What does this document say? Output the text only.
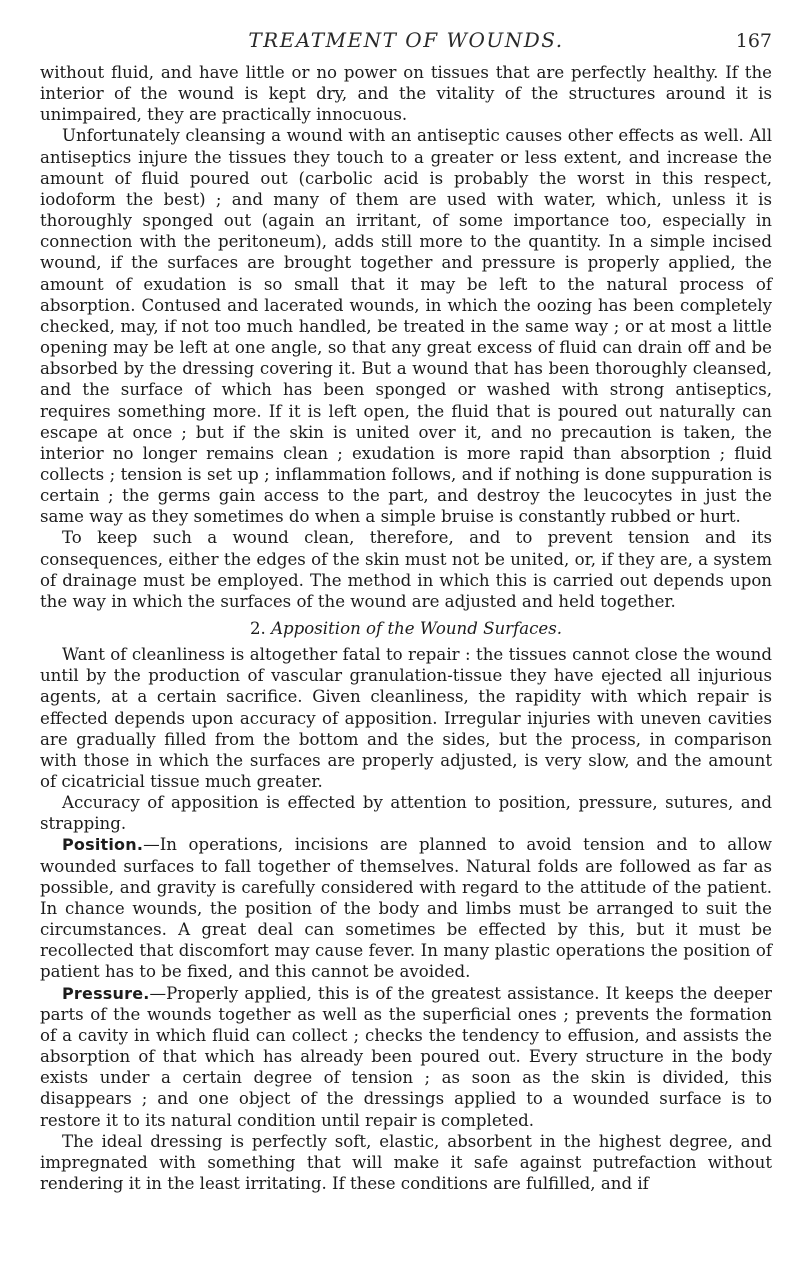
TREATMENT OF WOUNDS.	167

without fluid, and have little or no power on tissues that are perfectly healthy. If the interior of the wound is kept dry, and the vitality of the structures around it is unimpaired, they are practically innocuous.

Unfortunately cleansing a wound with an antiseptic causes other effects as well. All antiseptics injure the tissues they touch to a greater or less extent, and increase the amount of fluid poured out (carbolic acid is probably the worst in this respect, iodoform the best) ; and many of them are used with water, which, unless it is thoroughly sponged out (again an irritant, of some importance too, especially in connection with the peritoneum), adds still more to the quantity. In a simple incised wound, if the surfaces are brought together and pressure is properly applied, the amount of exudation is so small that it may be left to the natural process of absorption. Contused and lacerated wounds, in which the oozing has been completely checked, may, if not too much handled, be treated in the same way ; or at most a little opening may be left at one angle, so that any great excess of fluid can drain off and be absorbed by the dressing covering it. But a wound that has been thoroughly cleansed, and the surface of which has been sponged or washed with strong antiseptics, requires something more. If it is left open, the fluid that is poured out naturally can escape at once ; but if the skin is united over it, and no precaution is taken, the interior no longer remains clean ; exudation is more rapid than absorption ; fluid collects ; tension is set up ; inflammation follows, and if nothing is done suppuration is certain ; the germs gain access to the part, and destroy the leucocytes in just the same way as they sometimes do when a simple bruise is constantly rubbed or hurt.

To keep such a wound clean, therefore, and to prevent tension and its consequences, either the edges of the skin must not be united, or, if they are, a system of drainage must be employed. The method in which this is carried out depends upon the way in which the surfaces of the wound are adjusted and held together.

2. Apposition of the Wound Surfaces.

Want of cleanliness is altogether fatal to repair : the tissues cannot close the wound until by the production of vascular granulation-tissue they have ejected all injurious agents, at a certain sacrifice. Given cleanliness, the rapidity with which repair is effected depends upon accuracy of apposition. Irregular injuries with uneven cavities are gradually filled from the bottom and the sides, but the process, in comparison with those in which the surfaces are properly adjusted, is very slow, and the amount of cicatricial tissue much greater.

Accuracy of apposition is effected by attention to position, pressure, sutures, and strapping.

Position.—In operations, incisions are planned to avoid tension and to allow wounded surfaces to fall together of themselves. Natural folds are followed as far as possible, and gravity is carefully considered with regard to the attitude of the patient. In chance wounds, the position of the body and limbs must be arranged to suit the circumstances. A great deal can sometimes be effected by this, but it must be recollected that discomfort may cause fever. In many plastic operations the position of patient has to be fixed, and this cannot be avoided.

Pressure.—Properly applied, this is of the greatest assistance. It keeps the deeper parts of the wounds together as well as the superficial ones ; prevents the formation of a cavity in which fluid can collect ; checks the tendency to effusion, and assists the absorption of that which has already been poured out. Every structure in the body exists under a certain degree of tension ; as soon as the skin is divided, this disappears ; and one object of the dressings applied to a wounded surface is to restore it to its natural condition until repair is completed.

The ideal dressing is perfectly soft, elastic, absorbent in the highest degree, and impregnated with something that will make it safe against putrefaction without rendering it in the least irritating. If these conditions are fulfilled, and if
